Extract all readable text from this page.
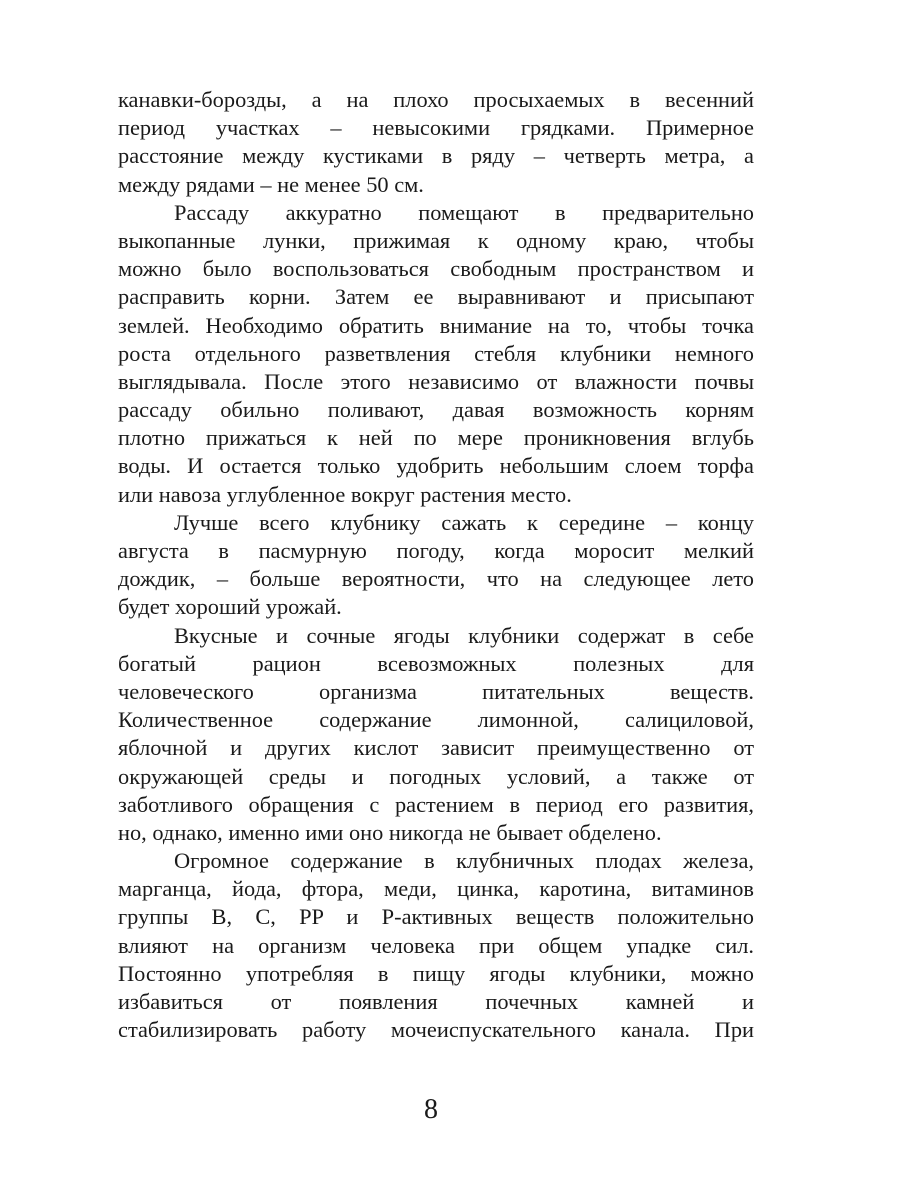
канавки-борозды, а на плохо просыхаемых в весенний
период участках – невысокими грядками. Примерное
расстояние между кустиками в ряду – четверть метра, а
между рядами – не менее 50 см.

Рассаду аккуратно помещают в предварительно
выкопанные лунки, прижимая к одному краю, чтобы
можно было воспользоваться свободным пространством и
расправить корни. Затем ее выравнивают и присыпают
землей. Необходимо обратить внимание на то, чтобы точка
роста отдельного разветвления стебля клубники немного
выглядывала. После этого независимо от влажности почвы
рассаду обильно поливают, давая возможность корням
плотно прижаться к ней по мере проникновения вглубь
воды. И остается только удобрить небольшим слоем торфа
или навоза углубленное вокруг растения место.

Лучше всего клубнику сажать к середине – концу
августа в пасмурную погоду, когда моросит мелкий
дождик, – больше вероятности, что на следующее лето
будет хороший урожай.

Вкусные и сочные ягоды клубники содержат в себе
богатый рацион всевозможных полезных для
человеческого организма питательных веществ.
Количественное содержание лимонной, салициловой,
яблочной и других кислот зависит преимущественно от
окружающей среды и погодных условий, а также от
заботливого обращения с растением в период его развития,
но, однако, именно ими оно никогда не бывает обделено.

Огромное содержание в клубничных плодах железа,
марганца, йода, фтора, меди, цинка, каротина, витаминов
группы B, C, PP и P-активных веществ положительно
влияют на организм человека при общем упадке сил.
Постоянно употребляя в пищу ягоды клубники, можно
избавиться от появления почечных камней и
стабилизировать работу мочеиспускательного канала. При

8
